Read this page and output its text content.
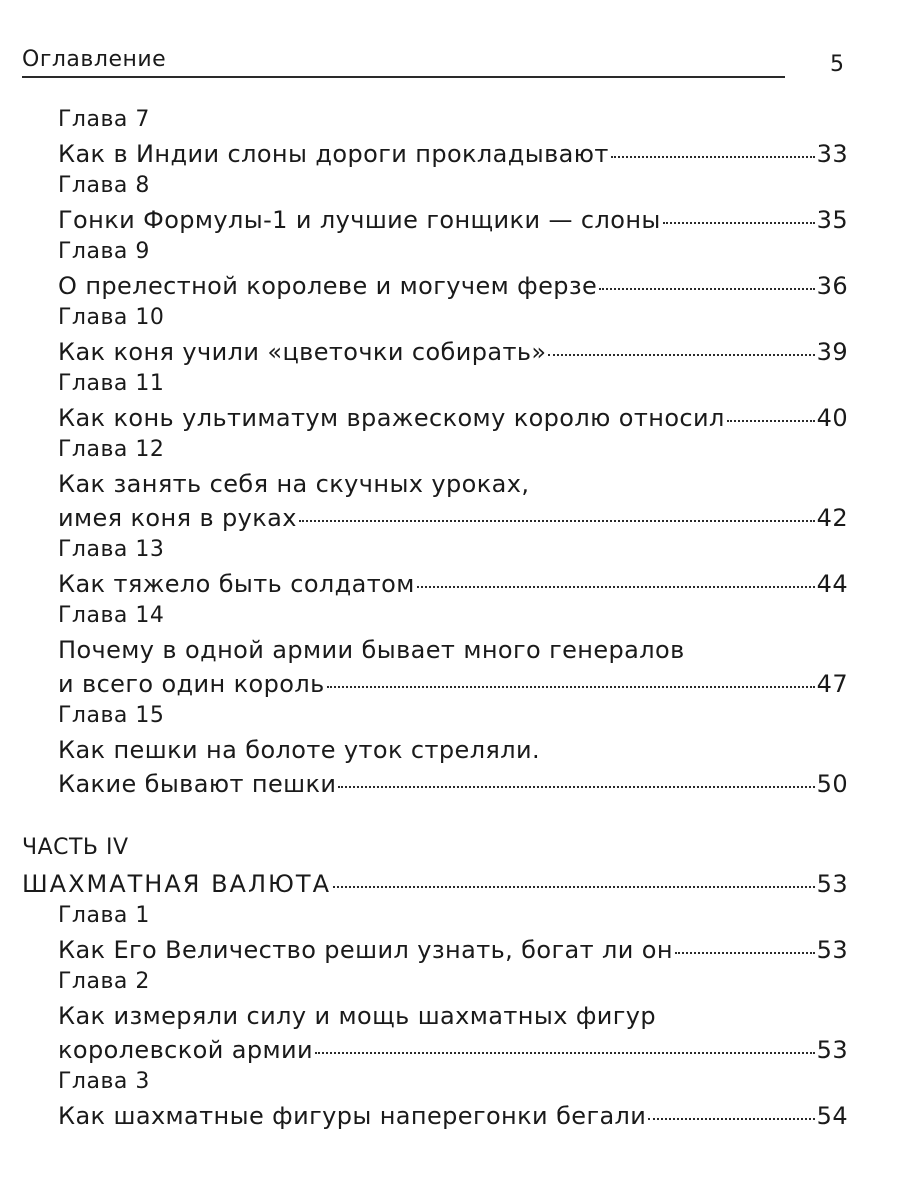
Оглавление	5
Глава 7
Как в Индии слоны дороги прокладывают	33
Глава 8
Гонки Формулы-1 и лучшие гонщики — слоны	35
Глава 9
О прелестной королеве и могучем ферзе	36
Глава 10
Как коня учили «цветочки собирать»	39
Глава 11
Как конь ультиматум вражескому королю относил	40
Глава 12
Как занять себя на скучных уроках,
имея коня в руках	42
Глава 13
Как тяжело быть солдатом	44
Глава 14
Почему в одной армии бывает много генералов
и всего один король	47
Глава 15
Как пешки на болоте уток стреляли.
Какие бывают пешки	50
ЧАСТЬ IV
ШАХМАТНАЯ ВАЛЮТА	53
Глава 1
Как Его Величество решил узнать, богат ли он	53
Глава 2
Как измеряли силу и мощь шахматных фигур
королевской армии	53
Глава 3
Как шахматные фигуры наперегонки бегали	54
